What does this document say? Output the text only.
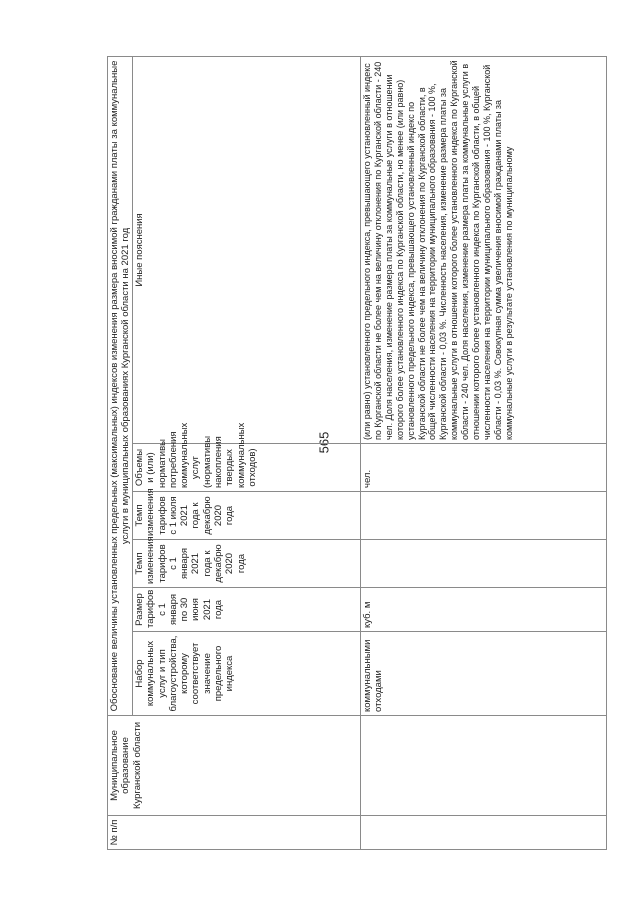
565
№ п/п	Муниципальное образование Курганской области	Обоснование величины установленных предельных (максимальных) индексов изменения размера вносимой гражданами платы за коммунальные услуги в муниципальных образованиях Курганской области на 2021 год					
		Набор коммунальных услуг и тип благоустройства, которому соответствует значение предельного индекса	Размер тарифов с 1 января по 30 июня 2021 года	Темп изменения тарифов с 1 января 2021 года к декабрю 2020 года	Темп изменения тарифов с 1 июля 2021 года к декабрю 2020 года	Объемы и (или) нормативы потребления коммунальных услуг (нормативы накопления твердых коммунальных отходов)	Иные пояснения
		коммунальными отходами	куб. м			чел.	(или равно) установленного предельного индекса, превышающего установленный индекс по Курганской области не более чем на величину отклонения по Курганской области - 240 чел. Доля населения, изменение размера платы за коммунальные услуги в отношении которого более установленного индекса по Курганской области, но менее (или равно) установленного предельного индекса, превышающего установленный индекс по Курганской области не более чем на величину отклонения по Курганской области, в общей численности населения на территории муниципального образования - 100 %, Курганской области - 0,03 %. Численность населения, изменение размера платы за коммунальные услуги в отношении которого более установленного индекса по Курганской области - 240 чел. Доля населения, изменение размера платы за коммунальные услуги в отношении которого более установленного индекса по Курганской области, в общей численности населения на территории муниципального образования - 100 %, Курганской области - 0,03 %. Совокупная сумма увеличения вносимой гражданами платы за коммунальные услуги в результате установления по муниципальному
